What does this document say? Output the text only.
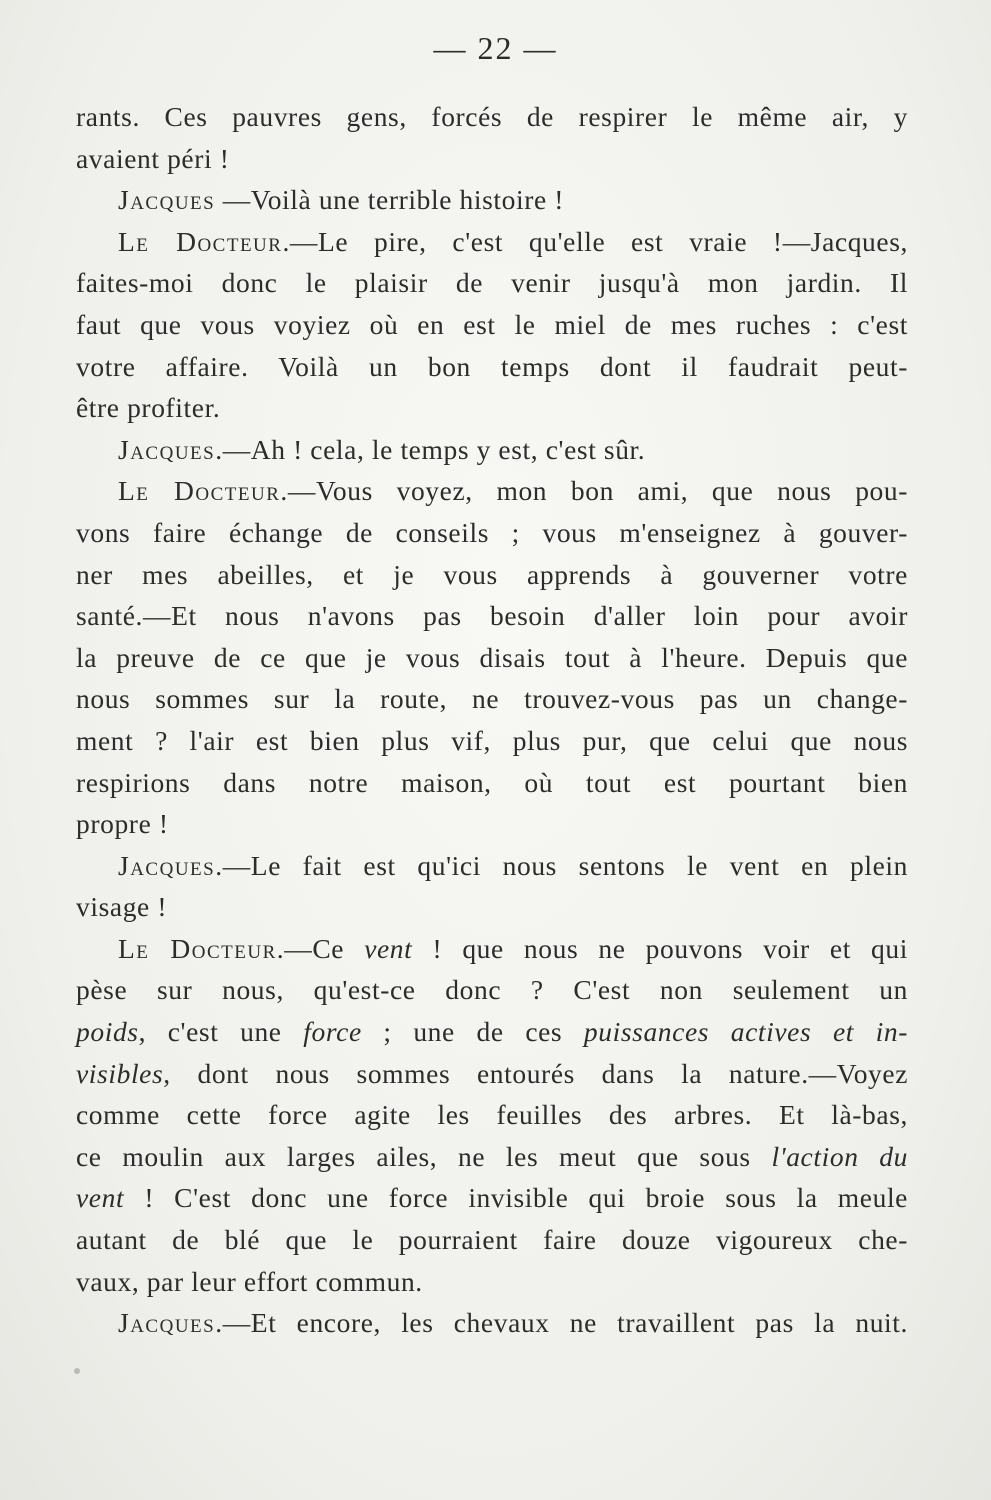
— 22 —
rants. Ces pauvres gens, forcés de respirer le même air, y
avaient péri !
Jacques —Voilà une terrible histoire !
Le Docteur.—Le pire, c'est qu'elle est vraie !—Jacques,
faites-moi donc le plaisir de venir jusqu'à mon jardin. Il
faut que vous voyiez où en est le miel de mes ruches : c'est
votre affaire. Voilà un bon temps dont il faudrait peut-
être profiter.
Jacques.—Ah ! cela, le temps y est, c'est sûr.
Le Docteur.—Vous voyez, mon bon ami, que nous pou-
vons faire échange de conseils ; vous m'enseignez à gouver-
ner mes abeilles, et je vous apprends à gouverner votre
santé.—Et nous n'avons pas besoin d'aller loin pour avoir
la preuve de ce que je vous disais tout à l'heure. Depuis que
nous sommes sur la route, ne trouvez-vous pas un change-
ment ? l'air est bien plus vif, plus pur, que celui que nous
respirions dans notre maison, où tout est pourtant bien
propre !
Jacques.—Le fait est qu'ici nous sentons le vent en plein
visage !
Le Docteur.—Ce vent ! que nous ne pouvons voir et qui
pèse sur nous, qu'est-ce donc ? C'est non seulement un
poids, c'est une force ; une de ces puissances actives et in-
visibles, dont nous sommes entourés dans la nature.—Voyez
comme cette force agite les feuilles des arbres. Et là-bas,
ce moulin aux larges ailes, ne les meut que sous l'action du
vent ! C'est donc une force invisible qui broie sous la meule
autant de blé que le pourraient faire douze vigoureux che-
vaux, par leur effort commun.
Jacques.—Et encore, les chevaux ne travaillent pas la nuit.
